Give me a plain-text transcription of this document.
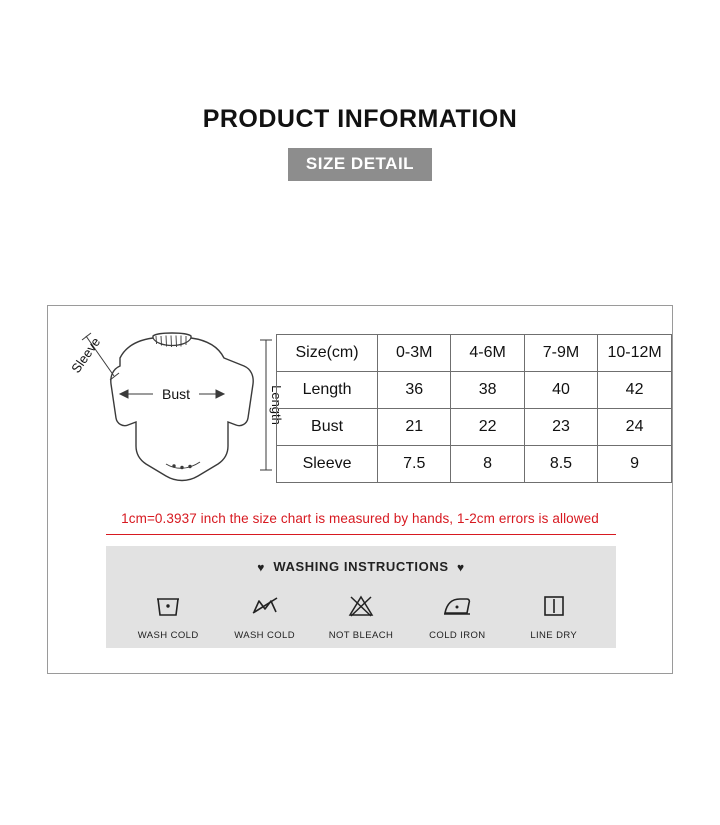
PRODUCT INFORMATION
SIZE DETAIL
Sleeve
Bust	Length
Size(cm)	0-3M	4-6M	7-9M	10-12M
Length	36	38	40	42
Bust	21	22	23	24
Sleeve	7.5	8	8.5	9
1cm=0.3937 inch the size chart is measured by hands, 1-2cm errors is allowed
♥ WASHING INSTRUCTIONS ♥
WASH COLD	WASH COLD	NOT BLEACH	COLD IRON	LINE DRY
